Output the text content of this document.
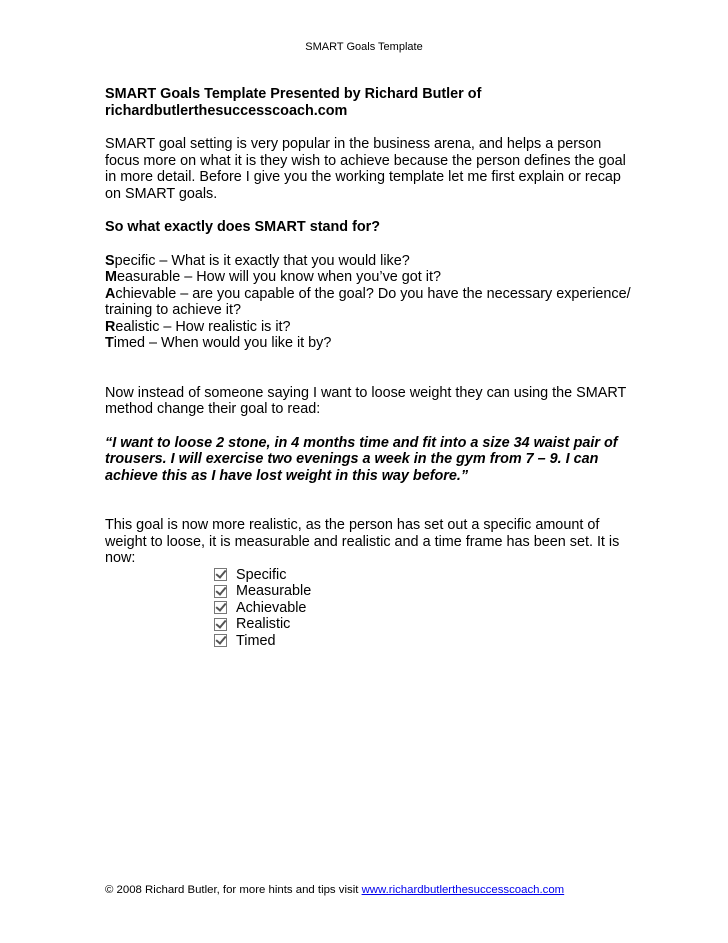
SMART Goals Template

SMART Goals Template Presented by Richard Butler of
richardbutlerthesuccesscoach.com

SMART goal setting is very popular in the business arena, and helps a person focus more on what it is they wish to achieve because the person defines the goal in more detail. Before I give you the working template let me first explain or recap on SMART goals.

So what exactly does SMART stand for?

Specific – What is it exactly that you would like?

Measurable – How will you know when you’ve got it?

Achievable – are you capable of the goal? Do you have the necessary experience/ training to achieve it?

Realistic – How realistic is it?

Timed – When would you like it by?

Now instead of someone saying I want to loose weight they can using the SMART method change their goal to read:

“I want to loose 2 stone, in 4 months time and fit into a size 34 waist pair of trousers. I will exercise two evenings a week in the gym from 7 – 9. I can achieve this as I have lost weight in this way before.”

This goal is now more realistic, as the person has set out a specific amount of weight to loose, it is measurable and realistic and a time frame has been set. It is now:

Specific
Measurable
Achievable
Realistic
Timed
© 2008 Richard Butler, for more hints and tips visit www.richardbutlerthesuccesscoach.com
